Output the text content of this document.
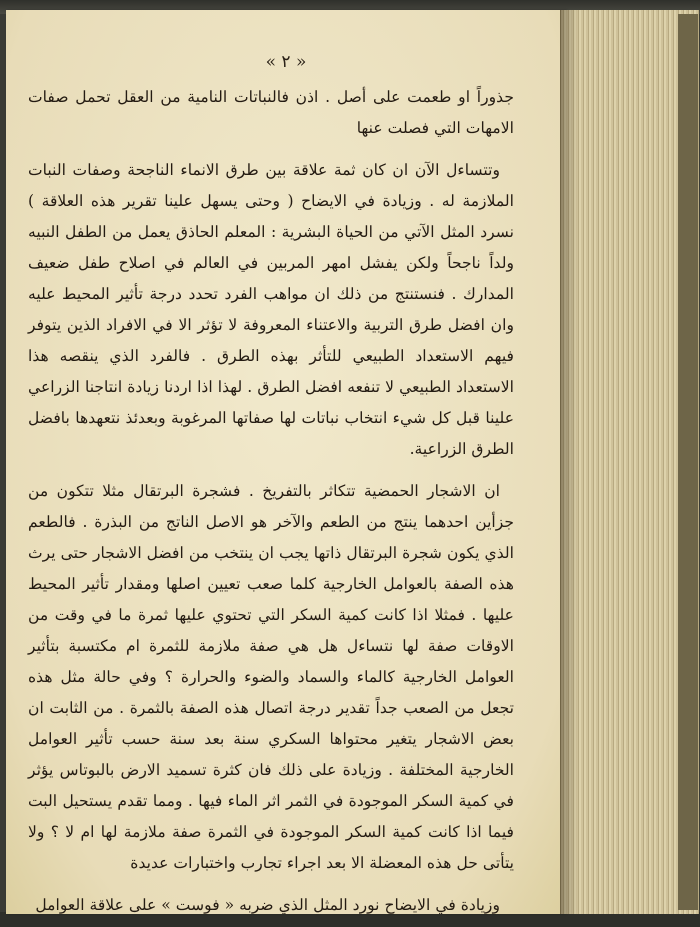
« ٢ »

جذوراً او طعمت على أصل . اذن فالنباتات النامية من العقل تحمل صفات الامهات التي فصلت عنها

وتتساءل الآن ان كان ثمة علاقة بين طرق الانماء الناجحة وصفات النبات الملازمة له . وزيادة في الايضاح ( وحتى يسهل علينا تقرير هذه العلاقة ) نسرد المثل الآتي من الحياة البشرية : المعلم الحاذق يعمل من الطفل النبيه ولداً ناجحاً ولكن يفشل امهر المربين في العالم في اصلاح طفل ضعيف المدارك . فنستنتج من ذلك ان مواهب الفرد تحدد درجة تأثير المحيط عليه وان افضل طرق التربية والاعتناء المعروفة لا تؤثر الا في الافراد الذين يتوفر فيهم الاستعداد الطبيعي للتأثر بهذه الطرق . فالفرد الذي ينقصه هذا الاستعداد الطبيعي لا تنفعه افضل الطرق . لهذا اذا اردنا زيادة انتاجنا الزراعي علينا قبل كل شيء انتخاب نباتات لها صفاتها المرغوبة وبعدئذ نتعهدها بافضل الطرق الزراعية.

ان الاشجار الحمضية تتكاثر بالتفريخ . فشجرة البرتقال مثلا تتكون من جزأين احدهما ينتج من الطعم والآخر هو الاصل الناتج من البذرة . فالطعم الذي يكون شجرة البرتقال ذاتها يجب ان ينتخب من افضل الاشجار حتى يرث هذه الصفة بالعوامل الخارجية كلما صعب تعيين اصلها ومقدار تأثير المحيط عليها . فمثلا اذا كانت كمية السكر التي تحتوي عليها ثمرة ما في وقت من الاوقات صفة لها نتساءل هل هي صفة ملازمة للثمرة ام مكتسبة بتأثير العوامل الخارجية كالماء والسماد والضوء والحرارة ؟ وفي حالة مثل هذه تجعل من الصعب جداً تقدير درجة اتصال هذه الصفة بالثمرة . من الثابت ان بعض الاشجار يتغير محتواها السكري سنة بعد سنة حسب تأثير العوامل الخارجية المختلفة . وزيادة على ذلك فان كثرة تسميد الارض بالبوتاس يؤثر في كمية السكر الموجودة في الثمر اثر الماء فيها . ومما تقدم يستحيل البت فيما اذا كانت كمية السكر الموجودة في الثمرة صفة ملازمة لها ام لا ؟ ولا يتأتى حل هذه المعضلة الا بعد اجراء تجارب واختبارات عديدة

وزيادة في الايضاح نورد المثل الذي ضربه « فوست » على علاقة العوامل
